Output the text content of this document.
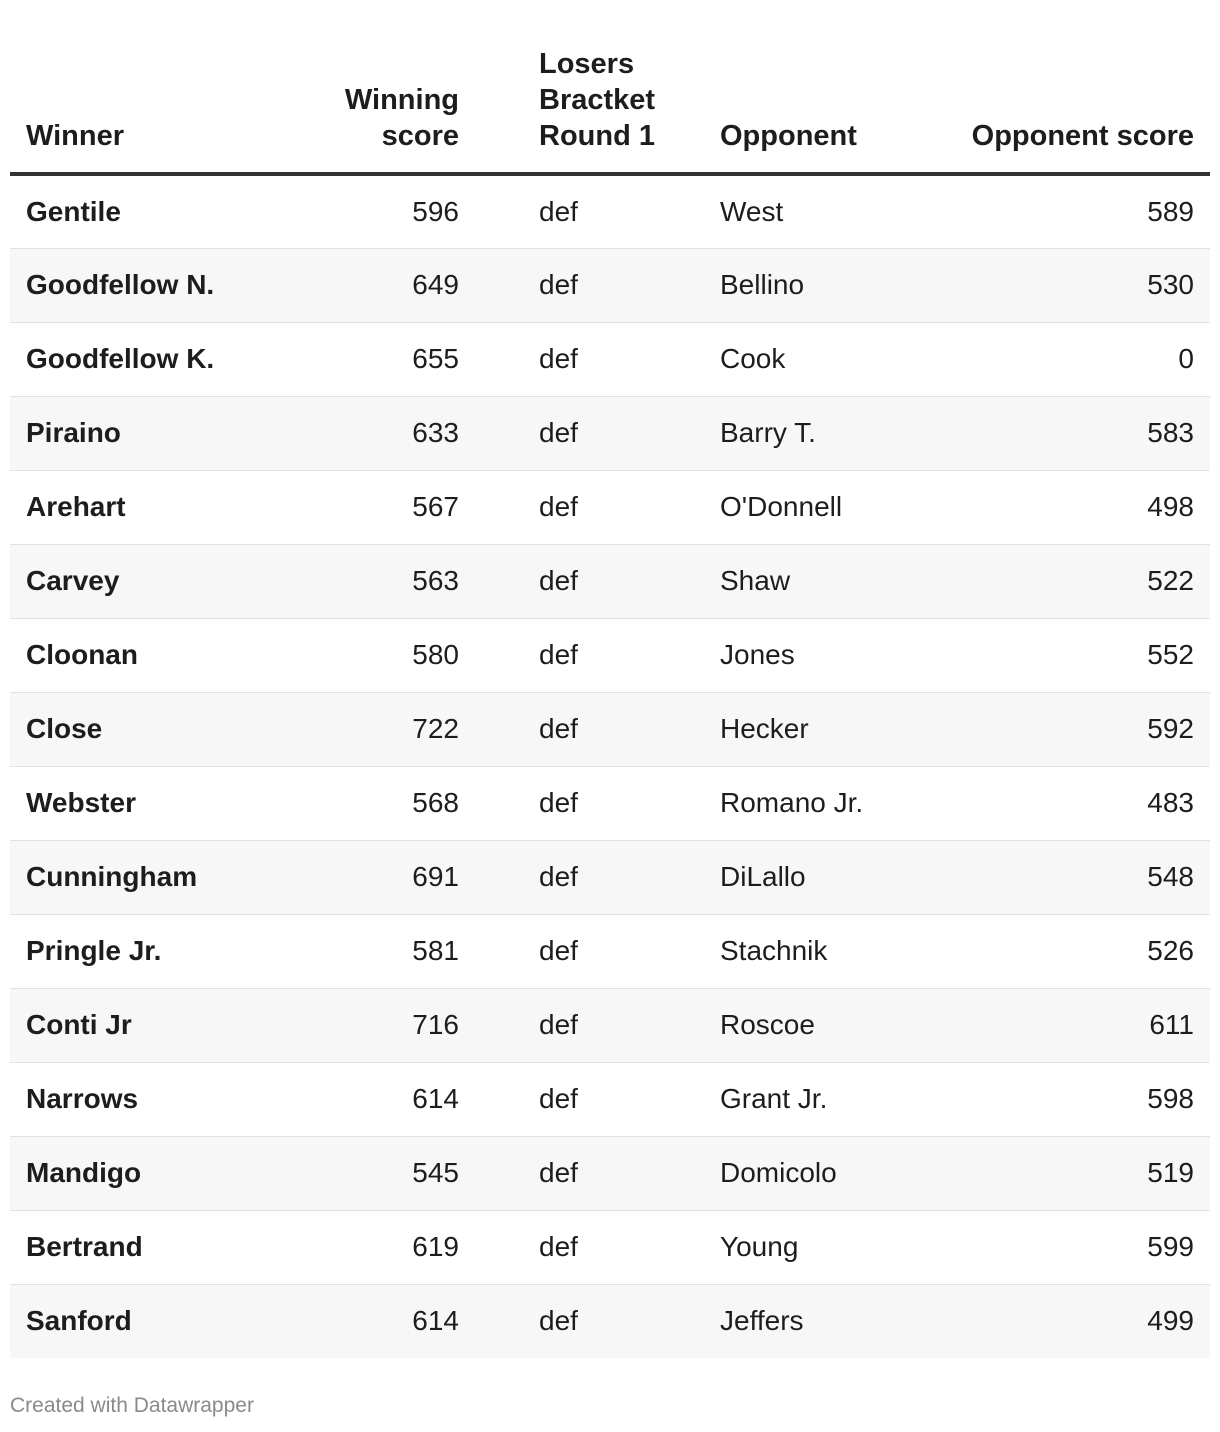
Winner	Winning score	Losers Bractket Round 1	Opponent	Opponent score
Gentile	596	def	West	589
Goodfellow N.	649	def	Bellino	530
Goodfellow K.	655	def	Cook	0
Piraino	633	def	Barry T.	583
Arehart	567	def	O'Donnell	498
Carvey	563	def	Shaw	522
Cloonan	580	def	Jones	552
Close	722	def	Hecker	592
Webster	568	def	Romano Jr.	483
Cunningham	691	def	DiLallo	548
Pringle Jr.	581	def	Stachnik	526
Conti Jr	716	def	Roscoe	611
Narrows	614	def	Grant Jr.	598
Mandigo	545	def	Domicolo	519
Bertrand	619	def	Young	599
Sanford	614	def	Jeffers	499
Created with Datawrapper
